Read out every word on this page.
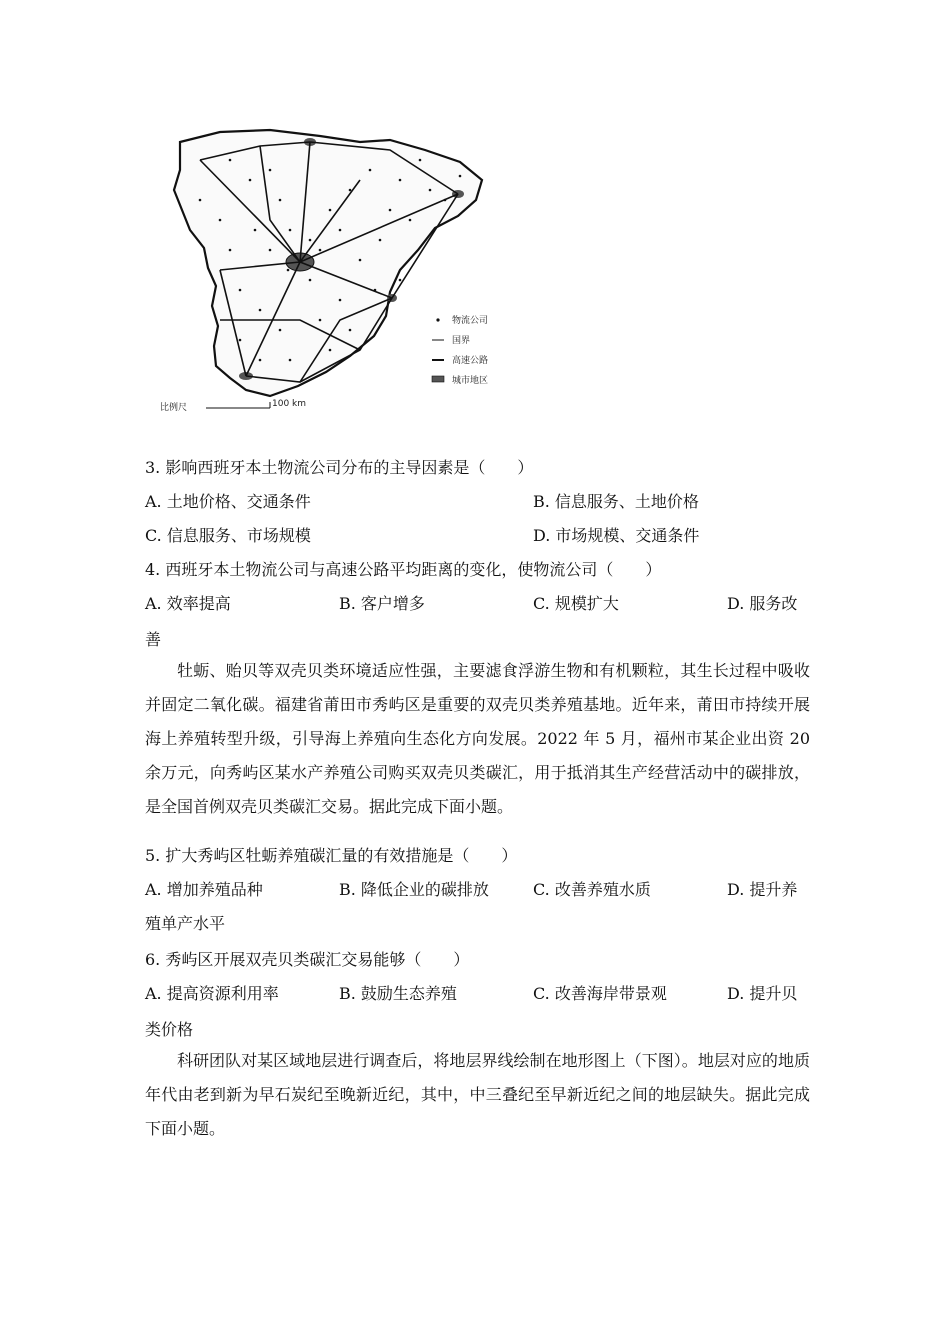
物流公司
国界
高速公路
城市地区
比例尺	100 km
3. 影响西班牙本土物流公司分布的主导因素是（　　）
A. 土地价格、交通条件	B. 信息服务、土地价格
C. 信息服务、市场规模	D. 市场规模、交通条件
4. 西班牙本土物流公司与高速公路平均距离的变化，使物流公司（　　）
A. 效率提高	B. 客户增多	C. 规模扩大	D. 服务改
善
牡蛎、贻贝等双壳贝类环境适应性强，主要滤食浮游生物和有机颗粒，其生长过程中吸收并固定二氧化碳。福建省莆田市秀屿区是重要的双壳贝类养殖基地。近年来，莆田市持续开展海上养殖转型升级，引导海上养殖向生态化方向发展。2022 年 5 月，福州市某企业出资 20 余万元，向秀屿区某水产养殖公司购买双壳贝类碳汇，用于抵消其生产经营活动中的碳排放，是全国首例双壳贝类碳汇交易。据此完成下面小题。
5. 扩大秀屿区牡蛎养殖碳汇量的有效措施是（　　）
A. 增加养殖品种	B. 降低企业的碳排放	C. 改善养殖水质	D. 提升养
殖单产水平
6. 秀屿区开展双壳贝类碳汇交易能够（　　）
A. 提高资源利用率	B. 鼓励生态养殖	C. 改善海岸带景观	D. 提升贝
类价格
科研团队对某区域地层进行调查后，将地层界线绘制在地形图上（下图）。地层对应的地质年代由老到新为早石炭纪至晚新近纪，其中，中三叠纪至早新近纪之间的地层缺失。据此完成下面小题。
